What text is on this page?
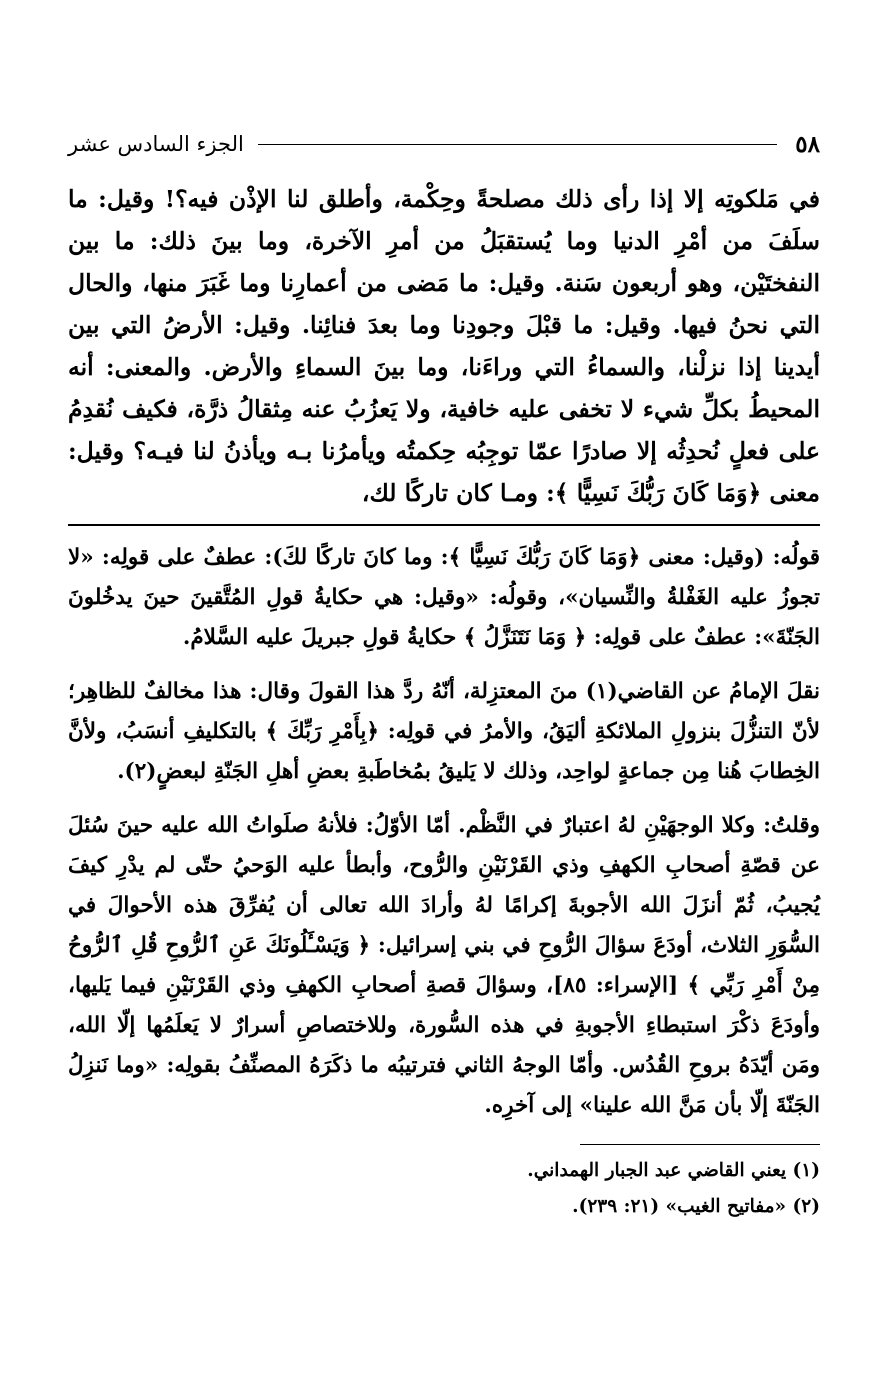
٥٨
الجزء السادس عشر

في مَلكوتِه إلا إذا رأى ذلك مصلحةً وحِكْمة، وأطلق لنا الإذْن فيه؟! وقيل: ما سلَفَ من أمْرِ الدنيا وما يُستقبَلُ من أمرِ الآخرة، وما بينَ ذلك: ما بين النفختَيْن، وهو أربعون سَنة. وقيل: ما مَضى من أعمارِنا وما غَبَرَ منها، والحال التي نحنُ فيها. وقيل: ما قبْلَ وجودِنا وما بعدَ فنائِنا. وقيل: الأرضُ التي بين أيدينا إذا نزلْنا، والسماءُ التي وراءَنا، وما بينَ السماءِ والأرض. والمعنى: أنه المحيطُ بكلِّ شيء لا تخفى عليه خافية، ولا يَعزُبُ عنه مِثقالُ ذرَّة، فكيف نُقدِمُ على فعلٍ نُحدِثُه إلا صادرًا عمّا توجِبُه حِكمتُه ويأمرُنا بـه ويأذنُ لنا فيـه؟ وقيل: معنى ﴿وَمَا كَانَ رَبُّكَ نَسِيًّا ﴾: ومـا كان تاركًا لك،

قولُه: (وقيل: معنى ﴿وَمَا كَانَ رَبُّكَ نَسِيًّا ﴾: وما كانَ تاركًا لكَ): عطفٌ على قولِه: «لا تجوزُ عليه الغَفْلةُ والنِّسيان»، وقولُه: «وقيل: هي حكايةُ قولِ المُتَّقينَ حينَ يدخُلونَ الجَنّةَ»: عطفٌ على قولِه: ﴿ وَمَا نَتَنَزَّلُ ﴾ حكايةُ قولِ جبريلَ عليه السَّلامُ.

نقلَ الإمامُ عن القاضي(١) منَ المعتزِلة، أنّهُ ردَّ هذا القولَ وقال: هذا مخالفٌ للظاهِر؛ لأنّ التنزُّلَ بنزولِ الملائكةِ أليَقُ، والأمرُ في قولِه: ﴿بِأَمْرِ رَبِّكَ ﴾ بالتكليفِ أنسَبُ، ولأنَّ الخِطابَ هُنا مِن جماعةٍ لواحِد، وذلك لا يَليقُ بمُخاطَبةِ بعضِ أهلِ الجَنّةِ لبعضٍ(٢).

وقلتُ: وكلا الوجهَيْنِ لهُ اعتبارٌ في النَّظْم. أمّا الأوّلُ: فلأنهُ صلَواتُ الله عليه حينَ سُئلَ عن قصّةِ أصحابِ الكهفِ وذي القَرْنَيْنِ والرُّوح، وأبطأ عليه الوَحيُ حتّى لم يدْرِ كيفَ يُجيبُ، ثُمّ أنزَلَ الله الأجوبةَ إكرامًا لهُ وأرادَ الله تعالى أن يُفرِّقَ هذه الأحوالَ في السُّوَرِ الثلاث، أودَعَ سؤالَ الرُّوحِ في بني إسرائيل: ﴿ وَيَسْـَٔلُونَكَ عَنِ ٱلرُّوحِ قُلِ ٱلرُّوحُ مِنْ أَمْرِ رَبِّي ﴾ [الإسراء: ٨٥]، وسؤالَ قصةِ أصحابِ الكهفِ وذي القَرْنَيْنِ فيما يَليها، وأودَعَ ذكْرَ استبطاءِ الأجوبةِ في هذه السُّورة، وللاختصاصِ أسرارٌ لا يَعلَمُها إلّا الله، ومَن أيّدَهُ بروحِ القُدُس. وأمّا الوجهُ الثاني فترتيبُه ما ذكَرَهُ المصنِّفُ بقولِه: «وما نَنزِلُ الجَنّةَ إلّا بأن مَنَّ الله علينا» إلى آخرِه.

(١) يعني القاضي عبد الجبار الهمداني.
(٢) «مفاتيح الغيب» (٢١: ٢٣٩).
